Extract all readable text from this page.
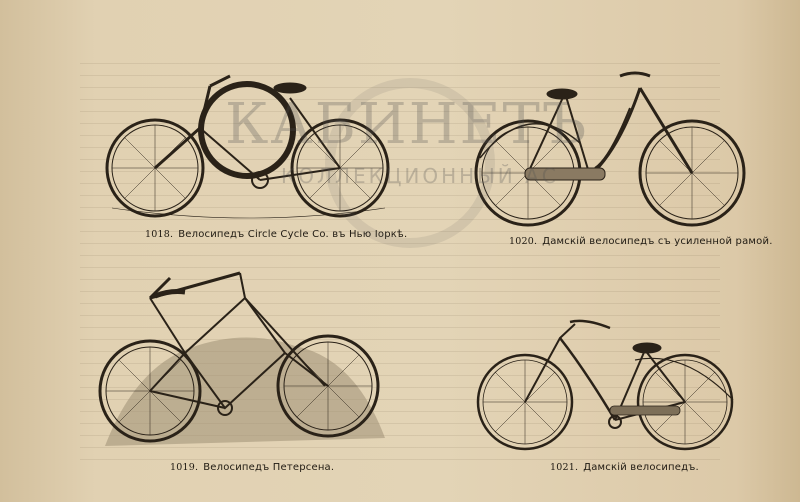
1018. Велосипедъ Circle Cycle Co. въ Нью Iоркѣ.
1020. Дамскiй велосипедъ съ усиленной рамой.
1019. Велосипедъ Петерсена.	1021. Дамскiй велосипедъ.
КАБИНЕТЪ
КОЛЛЕКЦИОННЫЙ АС
